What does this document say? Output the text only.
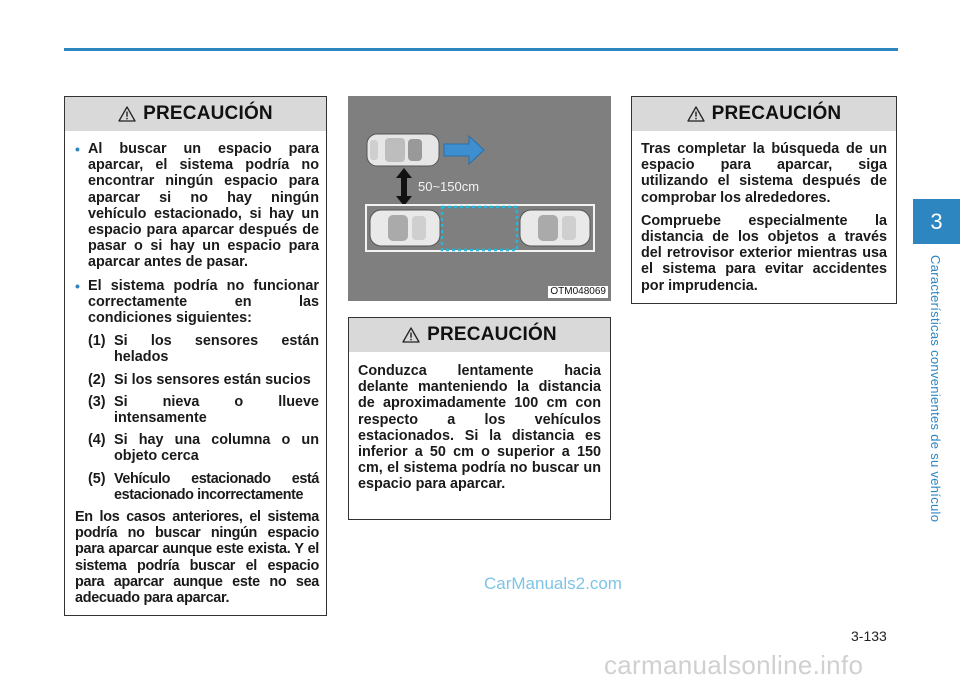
PRECAUCIÓN
• Al buscar un espacio para aparcar, el sistema podría no encontrar ningún espacio para aparcar si no hay ningún vehículo estacionado, si hay un espacio para aparcar después de pasar o si hay un espacio para aparcar antes de pasar.
• El sistema podría no funcionar correctamente en las condiciones siguientes:
(1) Si los sensores están helados
(2) Si los sensores están sucios
(3) Si nieva o llueve intensamente
(4) Si hay una columna o un objeto cerca
(5) Vehículo estacionado está estacionado incorrectamente

En los casos anteriores, el sistema podría no buscar ningún espacio para aparcar aunque este exista. Y el sistema podría buscar el espacio para aparcar aunque este no sea adecuado para aparcar.

50~150cm
OTM048069
PRECAUCIÓN

Conduzca lentamente hacia delante manteniendo la distancia de aproximadamente 100 cm con respecto a los vehículos estacionados. Si la distancia es inferior a 50 cm o superior a 150 cm, el sistema podría no buscar un espacio para aparcar.

PRECAUCIÓN

Tras completar la búsqueda de un espacio para aparcar, siga utilizando el sistema después de comprobar los alrededores.

Compruebe especialmente la distancia de los objetos a través del retrovisor exterior mientras usa el sistema para evitar accidentes por imprudencia.

3
Características convenientes de su vehículo
CarManuals2.com
3-133
carmanualsonline.info
